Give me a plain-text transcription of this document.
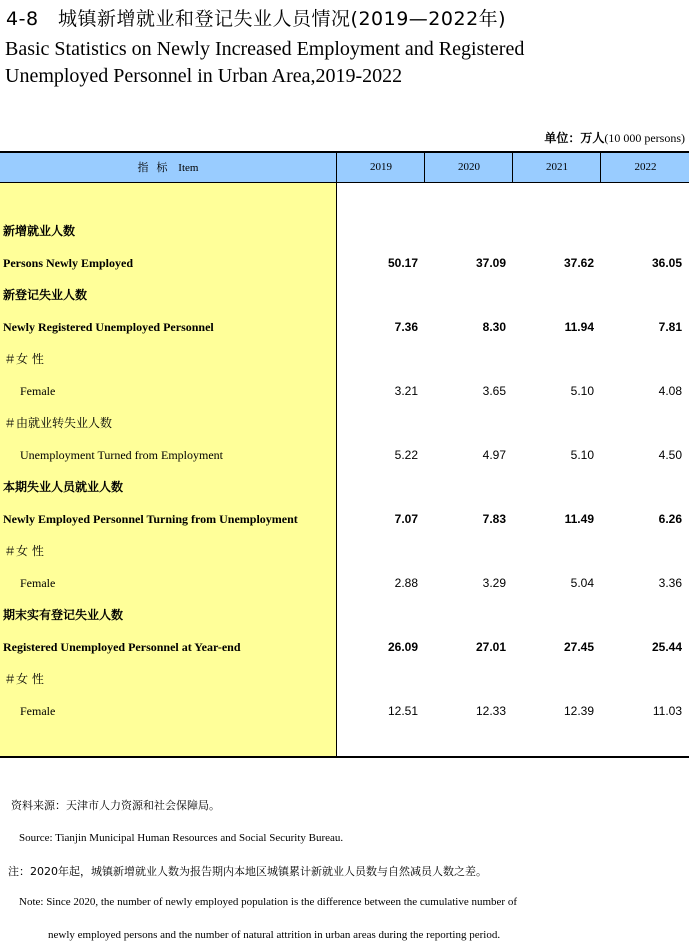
4-8　城镇新增就业和登记失业人员情况(2019—2022年)
Basic Statistics on Newly Increased Employment and Registered
Unemployed Personnel in Urban Area,2019-2022
单位：万人(10 000 persons)
指标 Item	2019	2020	2021	2022
新增就业人数
Persons Newly Employed	50.17	37.09	37.62	36.05
新登记失业人数
Newly Registered Unemployed Personnel	7.36	8.30	11.94	7.81
＃女 性
Female	3.21	3.65	5.10	4.08
＃由就业转失业人数
Unemployment Turned from Employment	5.22	4.97	5.10	4.50
本期失业人员就业人数
Newly Employed Personnel Turning from Unemployment	7.07	7.83	11.49	6.26
＃女 性
Female	2.88	3.29	5.04	3.36
期末实有登记失业人数
Registered Unemployed Personnel at Year-end	26.09	27.01	27.45	25.44
＃女 性
Female	12.51	12.33	12.39	11.03
资料来源：天津市人力资源和社会保障局。
Source: Tianjin Municipal Human Resources and Social Security Bureau.
注：2020年起，城镇新增就业人数为报告期内本地区城镇累计新就业人员数与自然减员人数之差。
Note: Since 2020, the number of newly employed population is the difference between the cumulative number of
newly employed persons and the number of natural attrition in urban areas during the reporting period.
